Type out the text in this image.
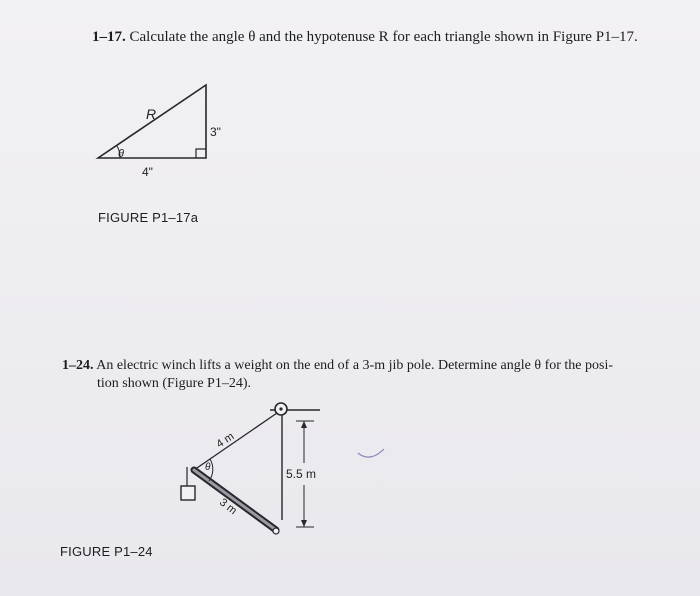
1–17. Calculate the angle θ and the hypotenuse R for each triangle shown in Figure P1–17.
R
θ
3"
4"
FIGURE P1–17a
1–24. An electric winch lifts a weight on the end of a 3-m jib pole. Determine angle θ for the posi-
tion shown (Figure P1–24).
4 m
θ	5.5 m
3 m
FIGURE P1–24
